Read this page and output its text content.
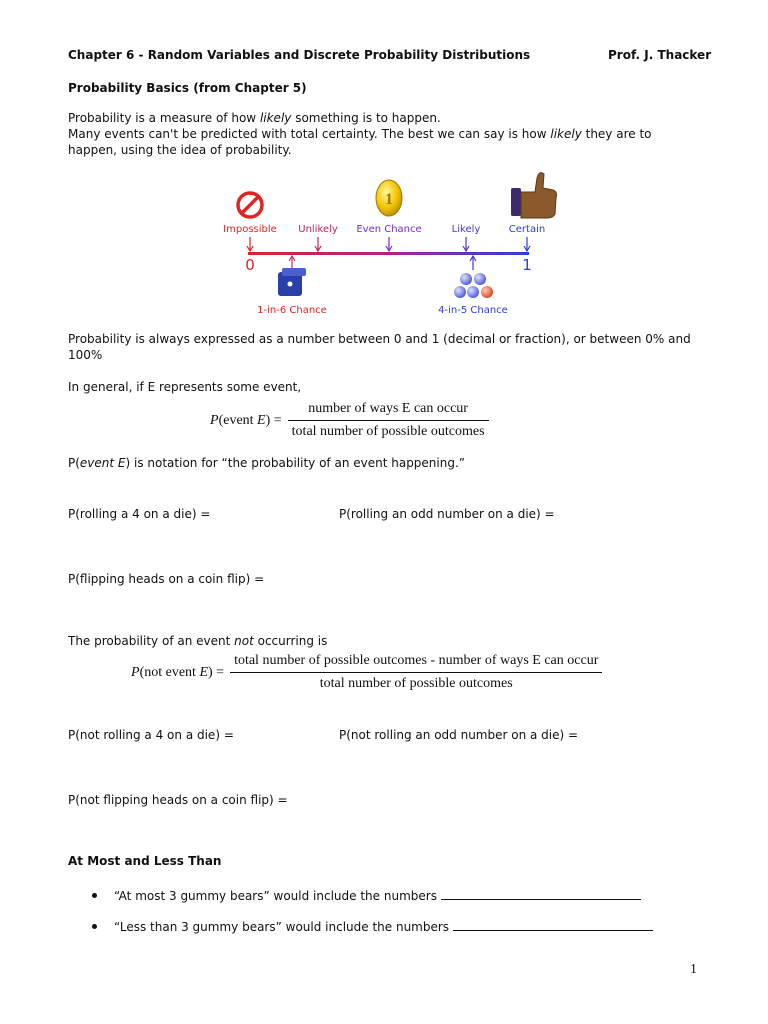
Chapter 6 - Random Variables and Discrete Probability Distributions	Prof. J. Thacker
Probability Basics (from Chapter 5)
Probability is a measure of how likely something is to happen.
Many events can't be predicted with total certainty. The best we can say is how likely they are to
happen, using the idea of probability.
1
Impossible Unlikely Even Chance	Likely	Certain
0	1
1-in-6 Chance	4-in-5 Chance
Probability is always expressed as a number between 0 and 1 (decimal or fraction), or between 0% and
100%
In general, if E represents some event,
P(event $E) = \frac{\text{number of ways E can occur}}{\text{total number of possible outcomes}}$
P(event E) is notation for “the probability of an event happening.”
P(rolling a 4 on a die) =	P(rolling an odd number on a die) =
P(flipping heads on a coin flip) =
The probability of an event not occurring is
P(not event E) =
total number of possible outcomes - number of ways E can occur
total number of possible outcomes
P(not rolling a 4 on a die) =	P(not rolling an odd number on a die) =
P(not flipping heads on a coin flip) =
At Most and Less Than
“At most 3 gummy bears” would include the numbers
“Less than 3 gummy bears” would include the numbers
1
